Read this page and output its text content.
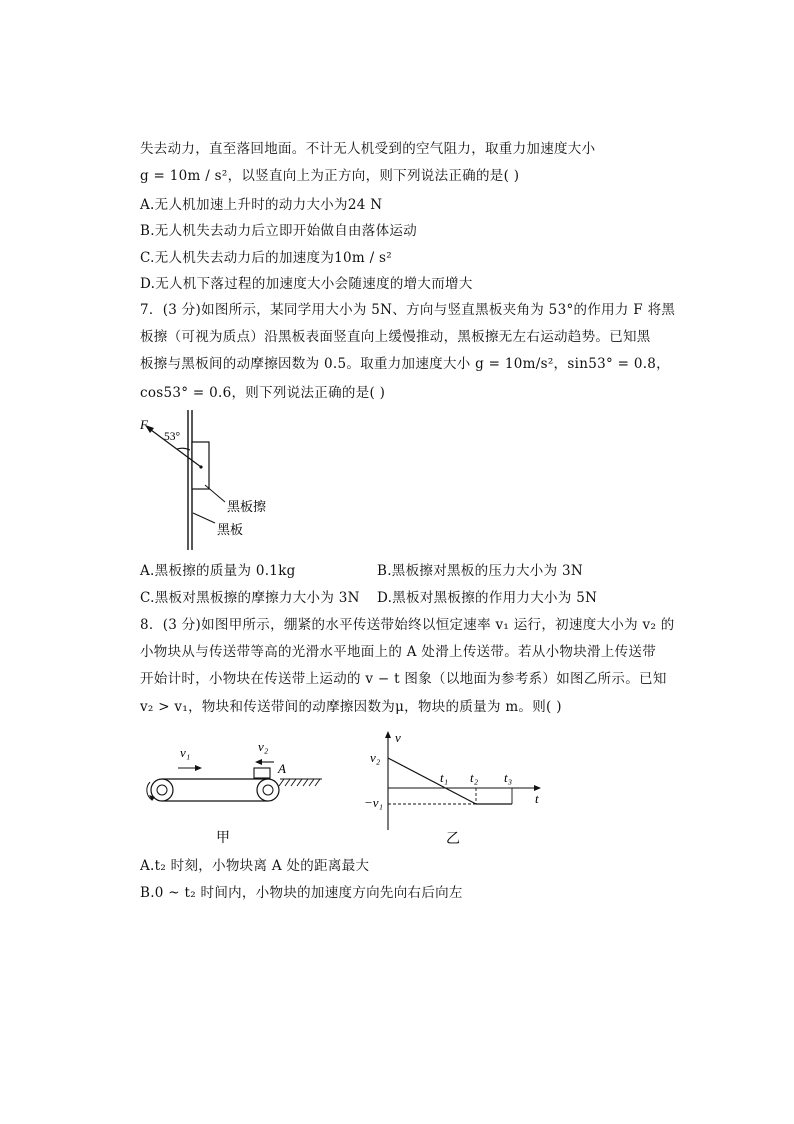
失去动力，直至落回地面。不计无人机受到的空气阻力，取重力加速度大小
g = 10m / s²，以竖直向上为正方向，则下列说法正确的是( )
A.无人机加速上升时的动力大小为24 N
B.无人机失去动力后立即开始做自由落体运动
C.无人机失去动力后的加速度为10m / s²
D.无人机下落过程的加速度大小会随速度的增大而增大
7．(3 分)如图所示，某同学用大小为 5N、方向与竖直黑板夹角为 53°的作用力 F 将黑
板擦（可视为质点）沿黑板表面竖直向上缓慢推动，黑板擦无左右运动趋势。已知黑
板擦与黑板间的动摩擦因数为 0.5。取重力加速度大小 g = 10m/s²，sin53° = 0.8，
cos53° = 0.6，则下列说法正确的是( )
F
53°
黑板擦
黑板
A.黑板擦的质量为 0.1kg	B.黑板擦对黑板的压力大小为 3N
C.黑板对黑板擦的摩擦力大小为 3N D.黑板对黑板擦的作用力大小为 5N
8．(3 分)如图甲所示，绷紧的水平传送带始终以恒定速率 v₁ 运行，初速度大小为 v₂ 的
小物块从与传送带等高的光滑水平地面上的 A 处滑上传送带。若从小物块滑上传送带
开始计时，小物块在传送带上运动的 v − t 图象（以地面为参考系）如图乙所示。已知
v₂ > v₁，物块和传送带间的动摩擦因数为μ，物块的质量为 m。则( )
v₁	v₂
A
甲
v
t
v₂
−v₁
t₁ t₂ t₃
乙
A.t₂ 时刻，小物块离 A 处的距离最大
B.0 ~ t₂ 时间内，小物块的加速度方向先向右后向左
